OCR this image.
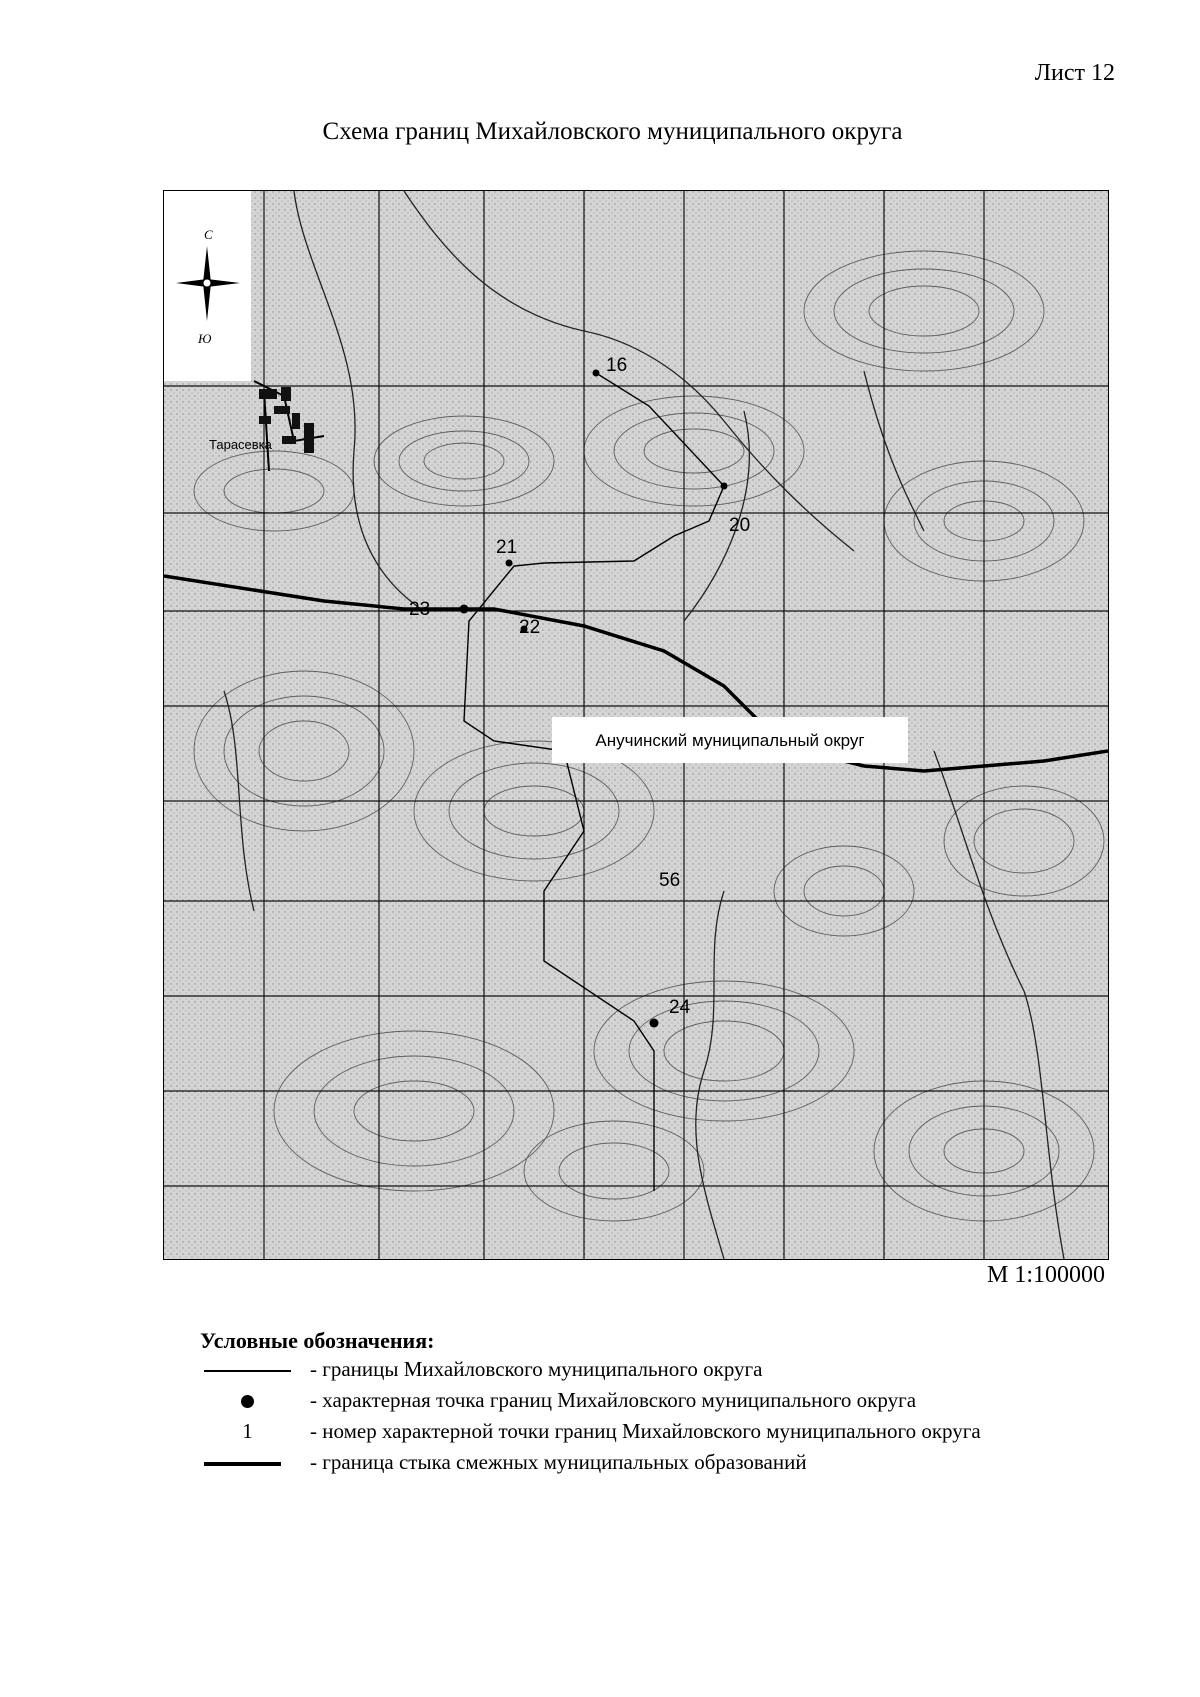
Лист 12
Схема границ Михайловского муниципального округа
Тарасевка
С
Ю
16
20
21
22
23
24
56
Анучинский муниципальный округ
М 1:100000
Условные обозначения:
- границы Михайловского муниципального округа
- характерная точка границ Михайловского муниципального округа
1	- номер характерной точки границ Михайловского муниципального округа
- граница стыка смежных муниципальных образований
